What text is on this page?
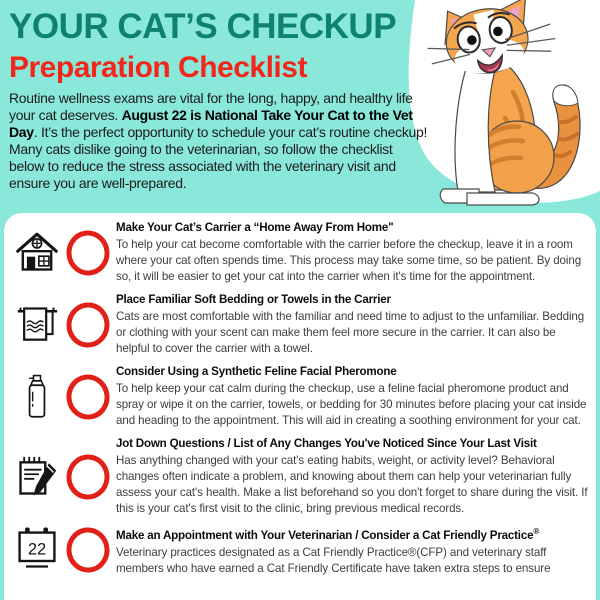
YOUR CAT’S CHECKUP
Preparation Checklist

Routine wellness exams are vital for the long, happy, and healthy life your cat deserves. August 22 is National Take Your Cat to the Vet Day. It’s the perfect opportunity to schedule your cat’s routine checkup! Many cats dislike going to the veterinarian, so follow the checklist below to reduce the stress associated with the veterinary visit and ensure you are well-prepared.

Make Your Cat’s Carrier a “Home Away From Home"

To help your cat become comfortable with the carrier before the checkup, leave it in a room where your cat often spends time. This process may take some time, so be patient. By doing so, it will be easier to get your cat into the carrier when it's time for the appointment.

Place Familiar Soft Bedding or Towels in the Carrier

Cats are most comfortable with the familiar and need time to adjust to the unfamiliar. Bedding or clothing with your scent can make them feel more secure in the carrier. It can also be helpful to cover the carrier with a towel.

Consider Using a Synthetic Feline Facial Pheromone

To help keep your cat calm during the checkup, use a feline facial pheromone product and spray or wipe it on the carrier, towels, or bedding for 30 minutes before placing your cat inside and heading to the appointment. This will aid in creating a soothing environment for your cat.

Jot Down Questions / List of Any Changes You've Noticed Since Your Last Visit

Has anything changed with your cat's eating habits, weight, or activity level? Behavioral changes often indicate a problem, and knowing about them can help your veterinarian fully assess your cat's health. Make a list beforehand so you don't forget to share during the visit. If this is your cat's first visit to the clinic, bring previous medical records.

22

Make an Appointment with Your Veterinarian / Consider a Cat Friendly Practice®

Veterinary practices designated as a Cat Friendly Practice®(CFP) and veterinary staff members who have earned a Cat Friendly Certificate have taken extra steps to ensure
